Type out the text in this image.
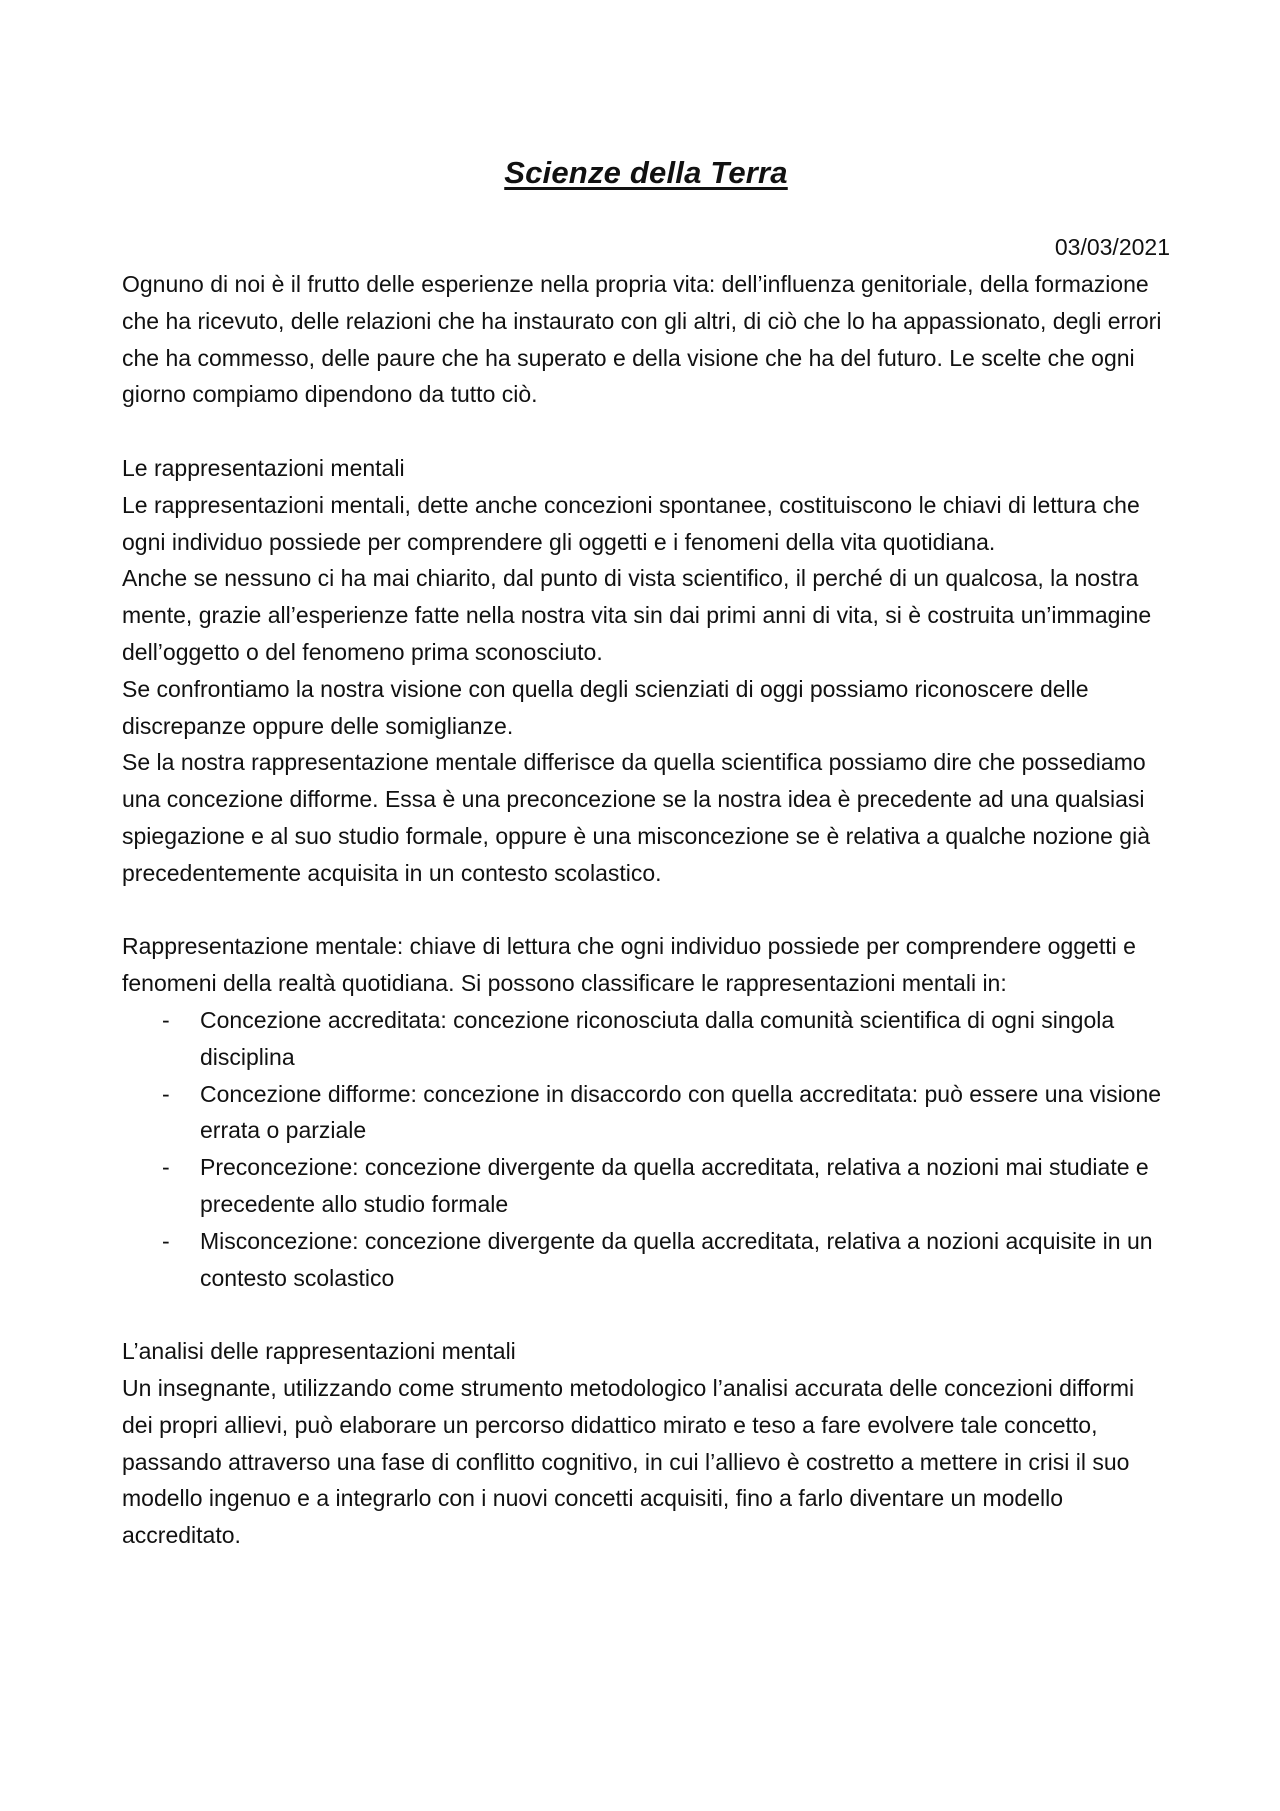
Scienze della Terra

03/03/2021

Ognuno di noi è il frutto delle esperienze nella propria vita: dell’influenza genitoriale, della formazione che ha ricevuto, delle relazioni che ha instaurato con gli altri, di ciò che lo ha appassionato, degli errori che ha commesso, delle paure che ha superato e della visione che ha del futuro. Le scelte che ogni giorno compiamo dipendono da tutto ciò.

Le rappresentazioni mentali

Le rappresentazioni mentali, dette anche concezioni spontanee, costituiscono le chiavi di lettura che ogni individuo possiede per comprendere gli oggetti e i fenomeni della vita quotidiana.

Anche se nessuno ci ha mai chiarito, dal punto di vista scientifico, il perché di un qualcosa, la nostra mente, grazie all’esperienze fatte nella nostra vita sin dai primi anni di vita, si è costruita un’immagine dell’oggetto o del fenomeno prima sconosciuto.

Se confrontiamo la nostra visione con quella degli scienziati di oggi possiamo riconoscere delle discrepanze oppure delle somiglianze.

Se la nostra rappresentazione mentale differisce da quella scientifica possiamo dire che possediamo una concezione difforme. Essa è una preconcezione se la nostra idea è precedente ad una qualsiasi spiegazione e al suo studio formale, oppure è una misconcezione se è relativa a qualche nozione già precedentemente acquisita in un contesto scolastico.

Rappresentazione mentale: chiave di lettura che ogni individuo possiede per comprendere oggetti e fenomeni della realtà quotidiana. Si possono classificare le rappresentazioni mentali in:

- Concezione accreditata: concezione riconosciuta dalla comunità scientifica di ogni singola disciplina
- Concezione difforme: concezione in disaccordo con quella accreditata: può essere una visione errata o parziale
- Preconcezione: concezione divergente da quella accreditata, relativa a nozioni mai studiate e precedente allo studio formale
- Misconcezione: concezione divergente da quella accreditata, relativa a nozioni acquisite in un contesto scolastico

L’analisi delle rappresentazioni mentali

Un insegnante, utilizzando come strumento metodologico l’analisi accurata delle concezioni difformi dei propri allievi, può elaborare un percorso didattico mirato e teso a fare evolvere tale concetto, passando attraverso una fase di conflitto cognitivo, in cui l’allievo è costretto a mettere in crisi il suo modello ingenuo e a integrarlo con i nuovi concetti acquisiti, fino a farlo diventare un modello accreditato.
